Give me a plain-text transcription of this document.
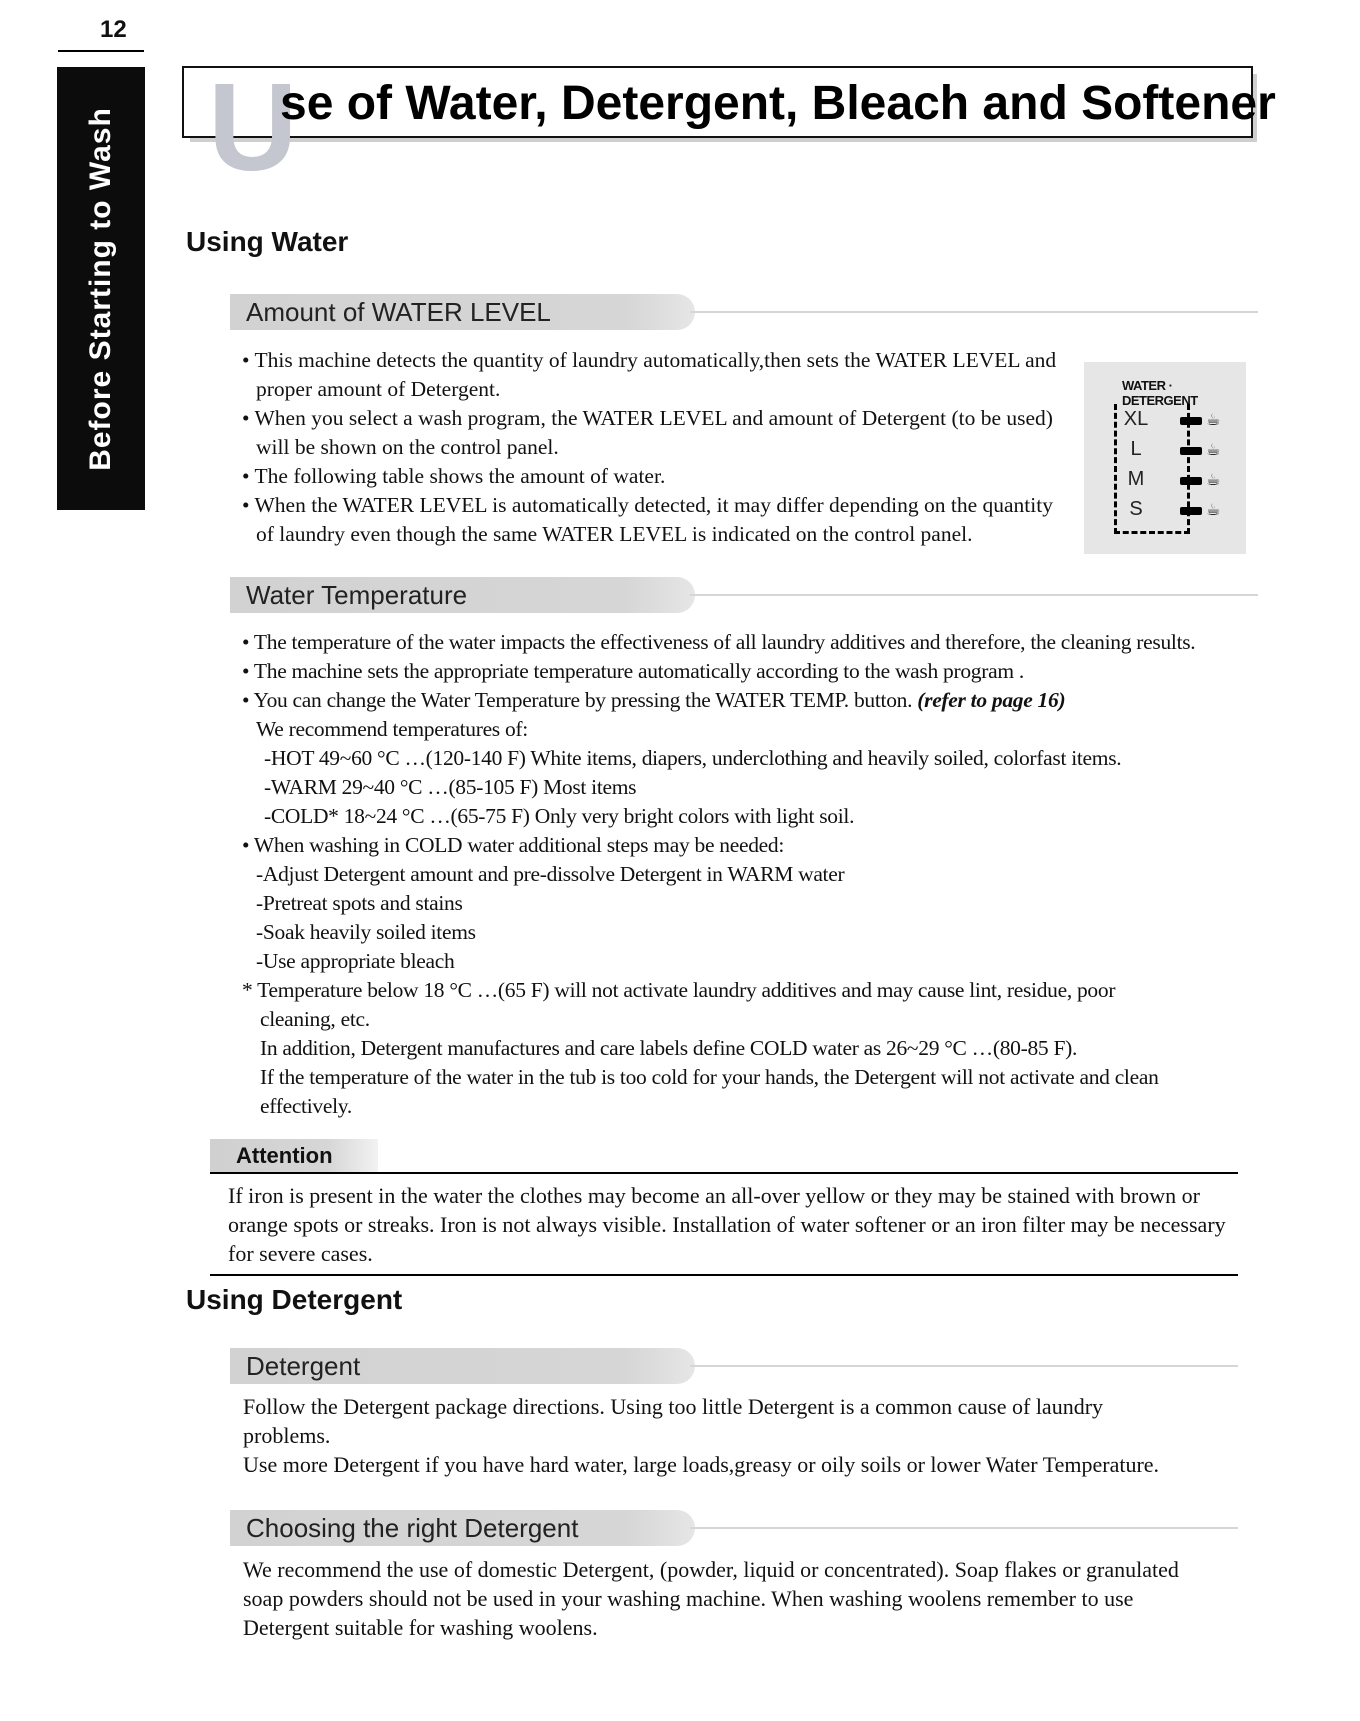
12
Before Starting to Wash U
se of Water, Detergent, Bleach and Softener
Using Water
Amount of WATER LEVEL

• This machine detects the quantity of laundry automatically,then sets the WATER LEVEL and

proper amount of Detergent.

• When you select a wash program, the WATER LEVEL and amount of Detergent (to be used)

will be shown on the control panel.

• The following table shows the amount of water.

• When the WATER LEVEL is automatically detected, it may differ depending on the quantity

of laundry even though the same WATER LEVEL is indicated on the control panel.

WATER · DETERGENT
XL	☕
L	☕
M	☕
S	☕
Water Temperature

• The temperature of the water impacts the effectiveness of all laundry additives and therefore, the cleaning results.

• The machine sets the appropriate temperature automatically according to the wash program .

• You can change the Water Temperature by pressing the WATER TEMP. button. (refer to page 16)

We recommend temperatures of:

-HOT 49~60 °C …(120-140 F) White items, diapers, underclothing and heavily soiled, colorfast items.

-WARM 29~40 °C …(85-105 F) Most items

-COLD* 18~24 °C …(65-75 F) Only very bright colors with light soil.

• When washing in COLD water additional steps may be needed:

-Adjust Detergent amount and pre-dissolve Detergent in WARM water

-Pretreat spots and stains

-Soak heavily soiled items

-Use appropriate bleach

* Temperature below 18 °C …(65 F) will not activate laundry additives and may cause lint, residue, poor

cleaning, etc.

In addition, Detergent manufactures and care labels define COLD water as 26~29 °C …(80-85 F).

If the temperature of the water in the tub is too cold for your hands, the Detergent will not activate and clean

effectively.

Attention
If iron is present in the water the clothes may become an all-over yellow or they may be stained with brown or orange spots or streaks. Iron is not always visible. Installation of water softener or an iron filter may be necessary for severe cases.
Using Detergent
Detergent

Follow the Detergent package directions. Using too little Detergent is a common cause of laundry

problems.

Use more Detergent if you have hard water, large loads,greasy or oily soils or lower Water Temperature.

Choosing the right Detergent

We recommend the use of domestic Detergent, (powder, liquid or concentrated). Soap flakes or granulated

soap powders should not be used in your washing machine. When washing woolens remember to use

Detergent suitable for washing woolens.
